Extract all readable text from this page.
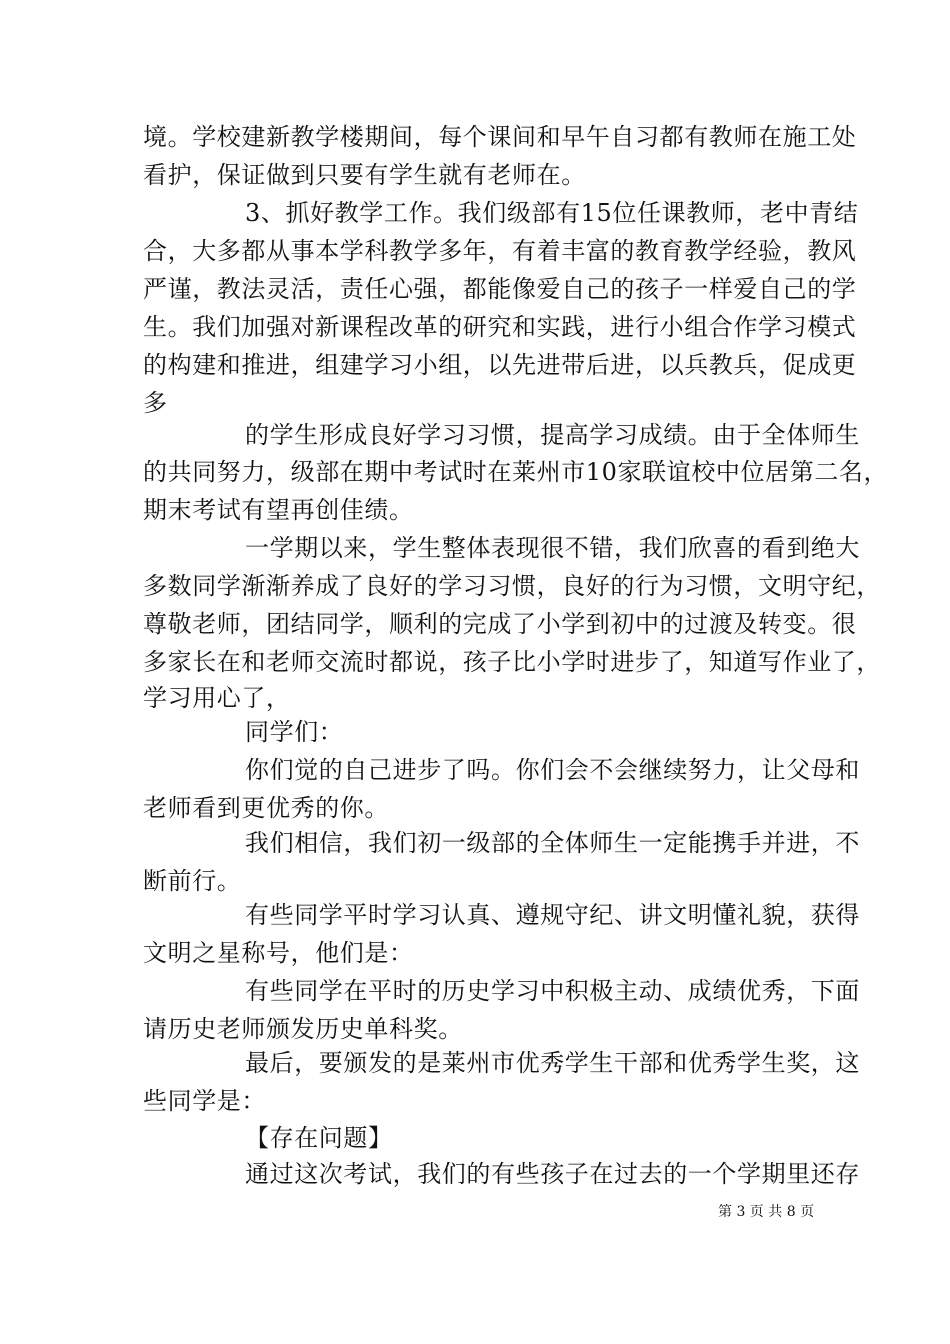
境。学校建新教学楼期间，每个课间和早午自习都有教师在施工处
看护，保证做到只要有学生就有老师在。
3、抓好教学工作。我们级部有15位任课教师，老中青结
合，大多都从事本学科教学多年，有着丰富的教育教学经验，教风
严谨，教法灵活，责任心强，都能像爱自己的孩子一样爱自己的学
生。我们加强对新课程改革的研究和实践，进行小组合作学习模式
的构建和推进，组建学习小组，以先进带后进，以兵教兵，促成更
多
的学生形成良好学习习惯，提高学习成绩。由于全体师生
的共同努力，级部在期中考试时在莱州市10家联谊校中位居第二名，
期末考试有望再创佳绩。
一学期以来，学生整体表现很不错，我们欣喜的看到绝大
多数同学渐渐养成了良好的学习习惯，良好的行为习惯，文明守纪，
尊敬老师，团结同学，顺利的完成了小学到初中的过渡及转变。很
多家长在和老师交流时都说，孩子比小学时进步了，知道写作业了，
学习用心了，
同学们：
你们觉的自己进步了吗。你们会不会继续努力，让父母和
老师看到更优秀的你。
我们相信，我们初一级部的全体师生一定能携手并进，不
断前行。
有些同学平时学习认真、遵规守纪、讲文明懂礼貌，获得
文明之星称号，他们是：
有些同学在平时的历史学习中积极主动、成绩优秀，下面
请历史老师颁发历史单科奖。
最后，要颁发的是莱州市优秀学生干部和优秀学生奖，这
些同学是：
【存在问题】
通过这次考试，我们的有些孩子在过去的一个学期里还存
第 3 页 共 8 页
